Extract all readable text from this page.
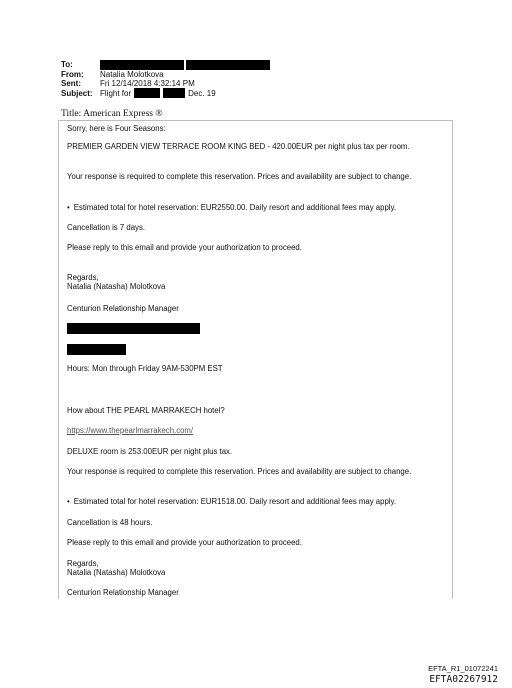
To:
From:	Natalia Molotkova
Sent:	Fri 12/14/2018 4:32:14 PM
Subject: Flight for	Dec. 19
Title: American Express ®
Sorry, here is Four Seasons:
PREMIER GARDEN VIEW TERRACE ROOM KING BED - 420.00EUR per night plus tax per room.
Your response is required to complete this reservation. Prices and availability are subject to change.
• Estimated total for hotel reservation: EUR2550.00. Daily resort and additional fees may apply.
Cancellation is 7 days.
Please reply to this email and provide your authorization to proceed.
Regards,
Natalia (Natasha) Molotkova
Centurion Relationship Manager
Hours: Mon through Friday 9AM-530PM EST
How about THE PEARL MARRAKECH hotel?
https://www.thepearlmarrakech.com/
DELUXE room is 253.00EUR per night plus tax.
Your response is required to complete this reservation. Prices and availability are subject to change.
• Estimated total for hotel reservation: EUR1518.00. Daily resort and additional fees may apply.
Cancellation is 48 hours.
Please reply to this email and provide your authorization to proceed.
Regards,
Natalia (Natasha) Molotkova
Centurion Relationship Manager
EFTA_R1_01072241
EFTA02267912
